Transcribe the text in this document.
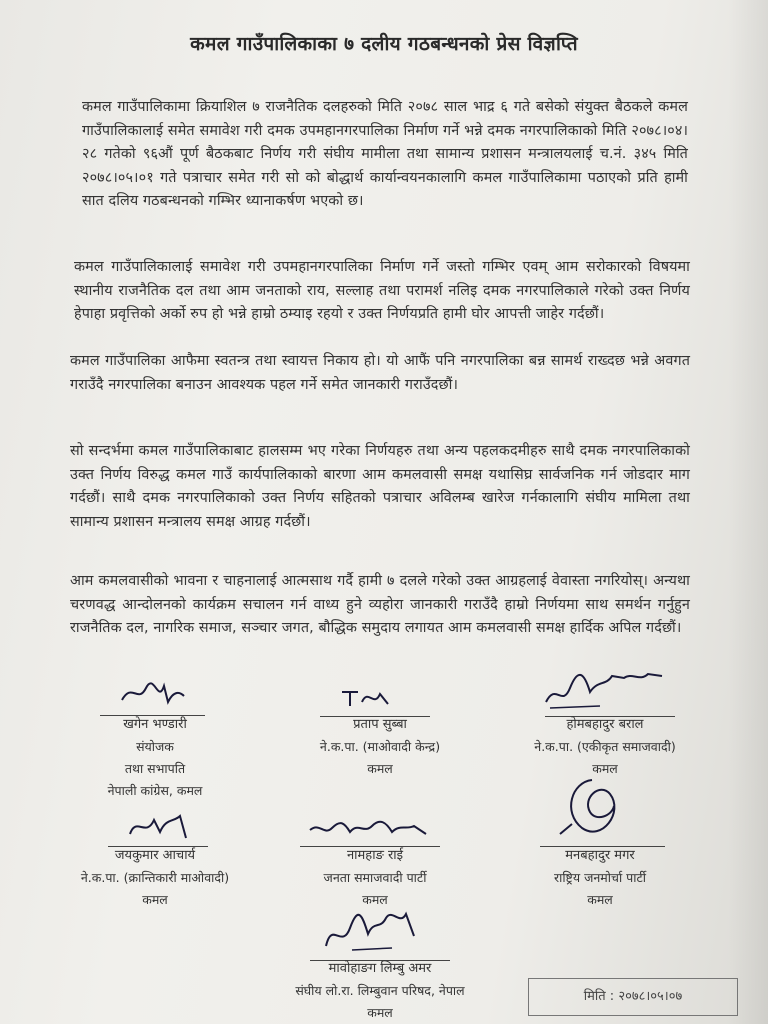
कमल गाउँपालिकाका ७ दलीय गठबन्धनको प्रेस विज्ञप्ति
कमल गाउँपालिकामा क्रियाशिल ७ राजनैतिक दलहरुको मिति २०७८ साल भाद्र ६ गते बसेको संयुक्त बैठकले कमल गाउँपालिकालाई समेत समावेश गरी दमक उपमहानगरपालिका निर्माण गर्ने भन्ने दमक नगरपालिकाको मिति २०७८।०४।२८ गतेको ९६औं पूर्ण बैठकबाट निर्णय गरी संघीय मामीला तथा सामान्य प्रशासन मन्त्रालयलाई च.नं. ३४५ मिति २०७८।०५।०१ गते पत्राचार समेत गरी सो को बोद्धार्थ कार्यान्वयनकालागि कमल गाउँपालिकामा पठाएको प्रति हामी सात दलिय गठबन्धनको गम्भिर ध्यानाकर्षण भएको छ।
कमल गाउँपालिकालाई समावेश गरी उपमहानगरपालिका निर्माण गर्ने जस्तो गम्भिर एवम् आम सरोकारको विषयमा स्थानीय राजनैतिक दल तथा आम जनताको राय, सल्लाह तथा परामर्श नलिइ दमक नगरपालिकाले गरेको उक्त निर्णय हेपाहा प्रवृत्तिको अर्को रुप हो भन्ने हाम्रो ठम्याइ रहयो र उक्त निर्णयप्रति हामी घोर आपत्ती जाहेर गर्दछौं।
कमल गाउँपालिका आफैमा स्वतन्त्र तथा स्वायत्त निकाय हो। यो आफैं पनि नगरपालिका बन्न सामर्थ राख्दछ भन्ने अवगत गराउँदै नगरपालिका बनाउन आवश्यक पहल गर्ने समेत जानकारी गराउँदछौं।
सो सन्दर्भमा कमल गाउँपालिकाबाट हालसम्म भए गरेका निर्णयहरु तथा अन्य पहलकदमीहरु साथै दमक नगरपालिकाको उक्त निर्णय विरुद्ध कमल गाउँ कार्यपालिकाको बारणा आम कमलवासी समक्ष यथासिघ्र सार्वजनिक गर्न जोडदार माग गर्दछौं। साथै दमक नगरपालिकाको उक्त निर्णय सहितको पत्राचार अविलम्ब खारेज गर्नकालागि संघीय मामिला तथा सामान्य प्रशासन मन्त्रालय समक्ष आग्रह गर्दछौं।
आम कमलवासीको भावना र चाहनालाई आत्मसाथ गर्दै हामी ७ दलले गरेको उक्त आग्रहलाई वेवास्ता नगरियोस्। अन्यथा चरणवद्ध आन्दोलनको कार्यक्रम सचालन गर्न वाध्य हुने व्यहोरा जानकारी गराउँदै हाम्रो निर्णयमा साथ समर्थन गर्नुहुन राजनैतिक दल, नागरिक समाज, सञ्चार जगत, बौद्धिक समुदाय लगायत आम कमलवासी समक्ष हार्दिक अपिल गर्दछौं।
खगेन भण्डारी
संयोजक
तथा सभापति
नेपाली कांग्रेस, कमल
प्रताप सुब्बा
ने.क.पा. (माओवादी केन्द्र)
कमल
होमबहादुर बराल
ने.क.पा. (एकीकृत समाजवादी)
कमल
जयकुमार आचार्य
ने.क.पा. (क्रान्तिकारी माओवादी)
कमल
नामहाङ राई
जनता समाजवादी पार्टी
कमल
मनबहादुर मगर
राष्ट्रिय जनमोर्चा पार्टी
कमल
मावोहाङग लिम्बु अमर
संघीय लो.रा. लिम्बुवान परिषद, नेपाल
कमल
मिति : २०७८।०५।०७
